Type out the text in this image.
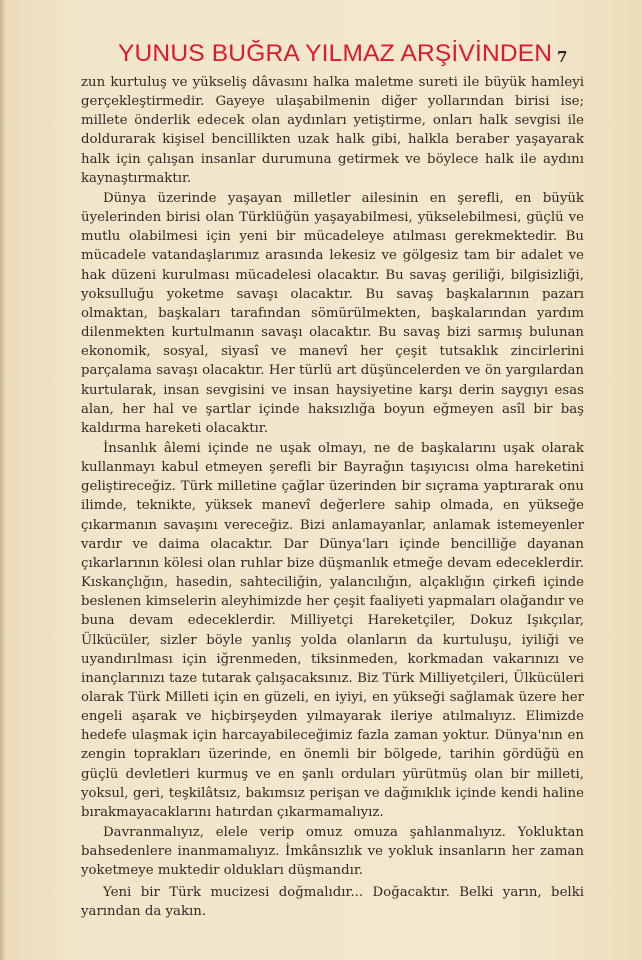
YUNUS BUĞRA YILMAZ ARŞİVİNDEN 7

zun kurtuluş ve yükseliş dâvasını halka maletme sureti ile büyük hamleyi gerçekleştirmedir. Gayeye ulaşabilmenin diğer yollarından birisi ise; millete önderlik edecek olan aydınları yetiştirme, onları halk sevgisi ile doldurarak kişisel bencillikten uzak halk gibi, halkla beraber yaşayarak halk için çalışan insanlar durumuna getirmek ve böylece halk ile aydını kaynaştırmaktır.

Dünya üzerinde yaşayan milletler ailesinin en şerefli, en büyük üyelerinden birisi olan Türklüğün yaşayabilmesi, yükselebilmesi, güçlü ve mutlu olabilmesi için yeni bir mücadeleye atılması gerekmektedir. Bu mücadele vatandaşlarımız arasında lekesiz ve gölgesiz tam bir adalet ve hak düzeni kurulması mücadelesi olacaktır. Bu savaş geriliği, bilgisizliği, yoksulluğu yoketme savaşı olacaktır. Bu savaş başkalarının pazarı olmaktan, başkaları tarafından sömürülmekten, başkalarından yardım dilenmekten kurtulmanın savaşı olacaktır. Bu savaş bizi sarmış bulunan ekonomik, sosyal, siyasî ve manevî her çeşit tutsaklık zincirlerini parçalama savaşı olacaktır. Her türlü art düşüncelerden ve ön yargılardan kurtularak, insan sevgisini ve insan haysiyetine karşı derin saygıyı esas alan, her hal ve şartlar içinde haksızlığa boyun eğmeyen asîl bir baş kaldırma hareketi olacaktır.

İnsanlık âlemi içinde ne uşak olmayı, ne de başkalarını uşak olarak kullanmayı kabul etmeyen şerefli bir Bayrağın taşıyıcısı olma hareketini geliştireceğiz. Türk milletine çağlar üzerinden bir sıçrama yaptırarak onu ilimde, teknikte, yüksek manevî değerlere sahip olmada, en yükseğe çıkarmanın savaşını vereceğiz. Bizi anlamayanlar, anlamak istemeyenler vardır ve daima olacaktır. Dar Dünya'ları içinde bencilliğe dayanan çıkarlarının kölesi olan ruhlar bize düşmanlık etmeğe devam edeceklerdir. Kıskançlığın, hasedin, sahteciliğin, yalancılığın, alçaklığın çirkefi içinde beslenen kimselerin aleyhimizde her çeşit faaliyeti yapmaları olağandır ve buna devam edeceklerdir. Milliyetçi Hareketçiler, Dokuz Işıkçılar, Ülkücüler, sizler böyle yanlış yolda olanların da kurtuluşu, iyiliği ve uyandırılması için iğrenmeden, tiksinmeden, korkmadan vakarınızı ve inançlarınızı taze tutarak çalışacaksınız. Biz Türk Milliyetçileri, Ülkücüleri olarak Türk Milleti için en güzeli, en iyiyi, en yükseği sağlamak üzere her engeli aşarak ve hiçbirşeyden yılmayarak ileriye atılmalıyız. Elimizde hedefe ulaşmak için harcayabileceğimiz fazla zaman yoktur. Dünya'nın en zengin toprakları üzerinde, en önemli bir bölgede, tarihin gördüğü en güçlü devletleri kurmuş ve en şanlı orduları yürütmüş olan bir milleti, yoksul, geri, teşkilâtsız, bakımsız perişan ve dağınıklık içinde kendi haline bırakmayacaklarını hatırdan çıkarmamalıyız.

Davranmalıyız, elele verip omuz omuza şahlanmalıyız. Yokluktan bahsedenlere inanmamalıyız. İmkânsızlık ve yokluk insanların her zaman yoketmeye muktedir oldukları düşmandır.

Yeni bir Türk mucizesi doğmalıdır... Doğacaktır. Belki yarın, belki yarından da yakın.
